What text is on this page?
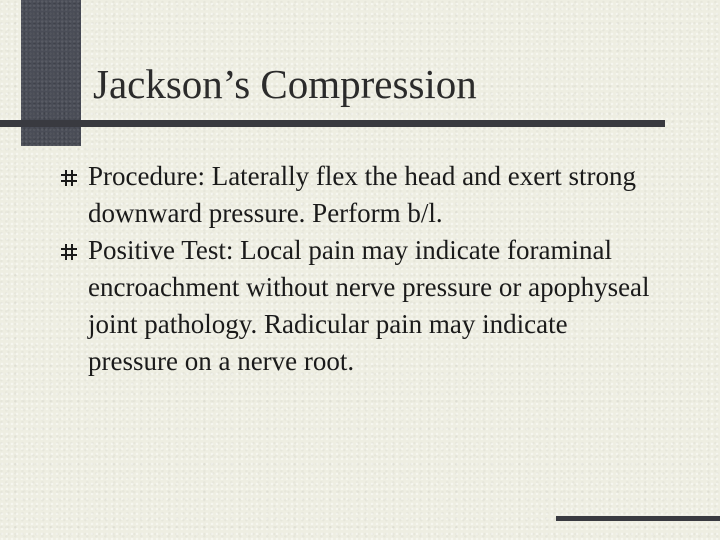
Jackson’s Compression
Procedure: Laterally flex the head and exert strong downward pressure. Perform b/l.
Positive Test: Local pain may indicate foraminal encroachment without nerve pressure or apophyseal joint pathology. Radicular pain may indicate pressure on a nerve root.
